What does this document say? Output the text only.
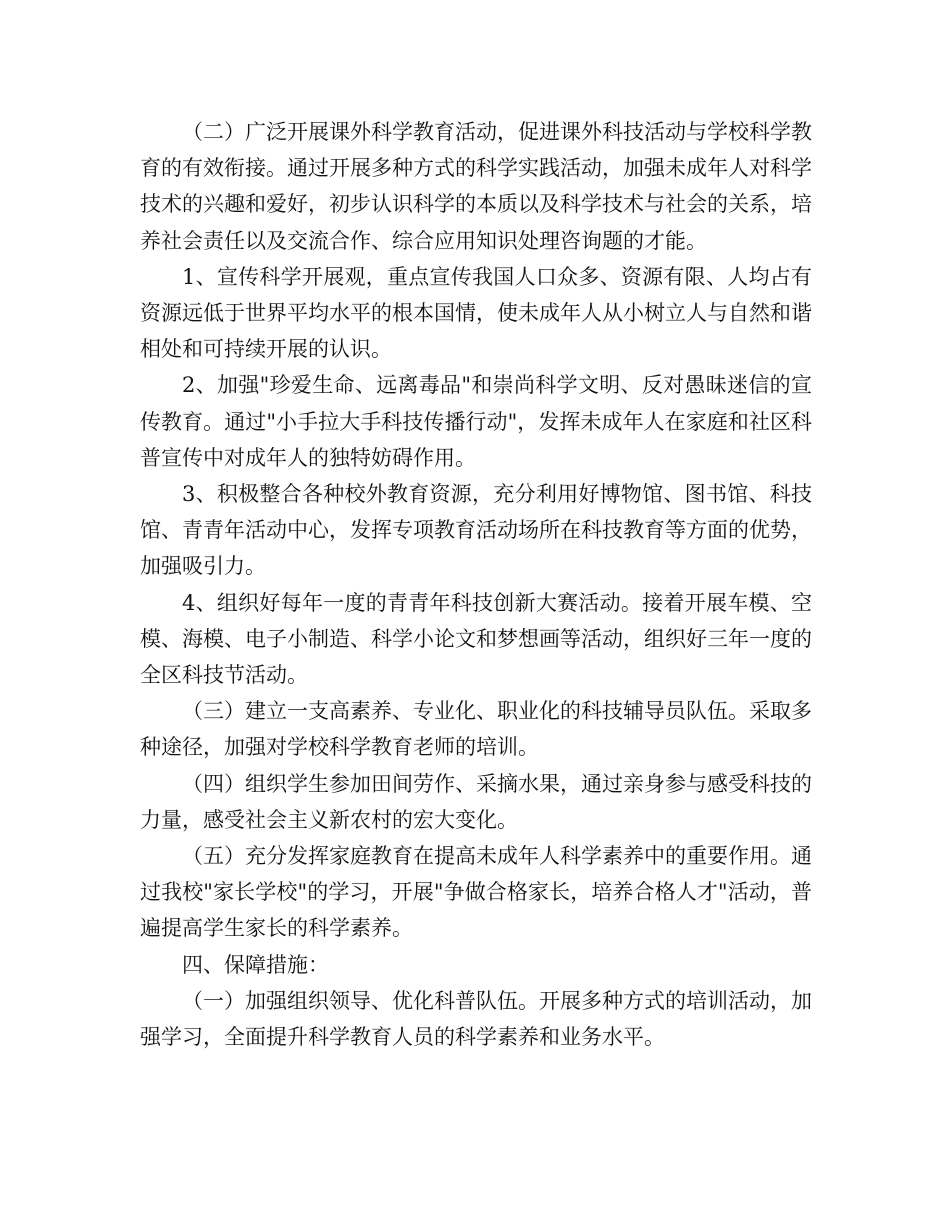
（二）广泛开展课外科学教育活动，促进课外科技活动与学校科学教育的有效衔接。通过开展多种方式的科学实践活动，加强未成年人对科学技术的兴趣和爱好，初步认识科学的本质以及科学技术与社会的关系，培养社会责任以及交流合作、综合应用知识处理咨询题的才能。

1、宣传科学开展观，重点宣传我国人口众多、资源有限、人均占有资源远低于世界平均水平的根本国情，使未成年人从小树立人与自然和谐相处和可持续开展的认识。

2、加强"珍爱生命、远离毒品"和崇尚科学文明、反对愚昧迷信的宣传教育。通过"小手拉大手科技传播行动"，发挥未成年人在家庭和社区科普宣传中对成年人的独特妨碍作用。

3、积极整合各种校外教育资源，充分利用好博物馆、图书馆、科技馆、青青年活动中心，发挥专项教育活动场所在科技教育等方面的优势，加强吸引力。

4、组织好每年一度的青青年科技创新大赛活动。接着开展车模、空模、海模、电子小制造、科学小论文和梦想画等活动，组织好三年一度的全区科技节活动。

（三）建立一支高素养、专业化、职业化的科技辅导员队伍。采取多种途径，加强对学校科学教育老师的培训。

（四）组织学生参加田间劳作、采摘水果，通过亲身参与感受科技的力量，感受社会主义新农村的宏大变化。

（五）充分发挥家庭教育在提高未成年人科学素养中的重要作用。通过我校"家长学校"的学习，开展"争做合格家长，培养合格人才"活动，普遍提高学生家长的科学素养。

四、保障措施：

（一）加强组织领导、优化科普队伍。开展多种方式的培训活动，加强学习，全面提升科学教育人员的科学素养和业务水平。
